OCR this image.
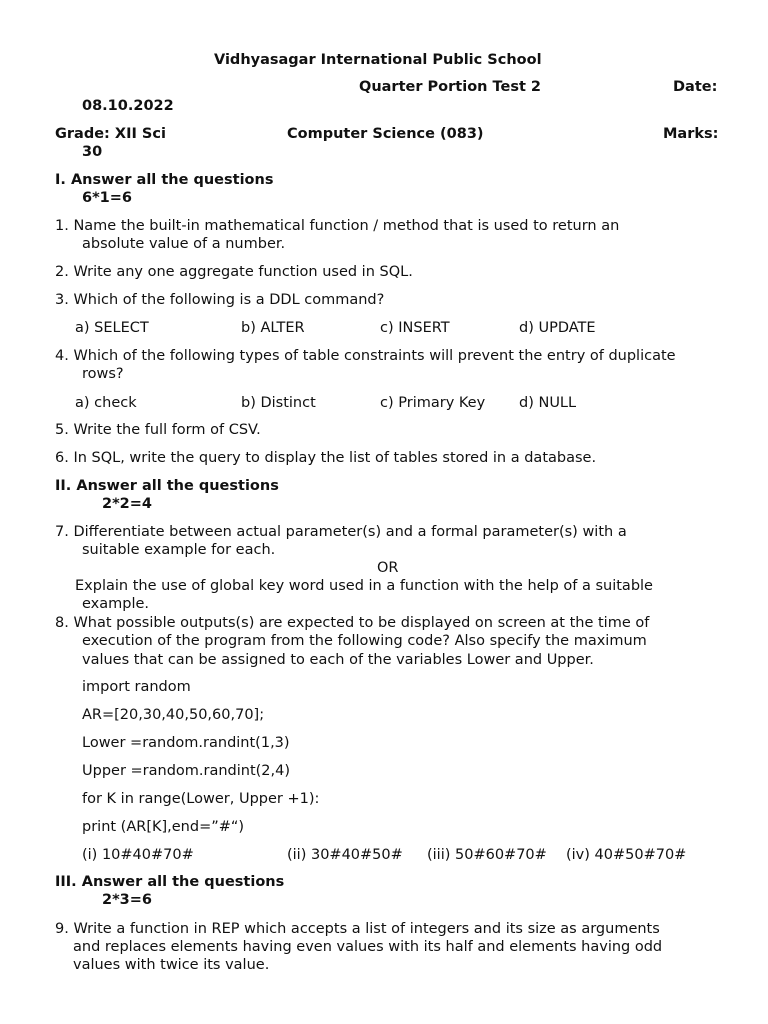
Vidhyasagar International Public School
Quarter Portion Test 2	Date:
08.10.2022
Grade: XII Sci	Computer Science (083)	Marks:
30
I. Answer all the questions
6*1=6
1. Name the built-in mathematical function / method that is used to return an
absolute value of a number.
2. Write any one aggregate function used in SQL.
3. Which of the following is a DDL command?
a) SELECT	b) ALTER	c) INSERT	d) UPDATE
4. Which of the following types of table constraints will prevent the entry of duplicate
rows?
a) check	b) Distinct	c) Primary Key d) NULL
5. Write the full form of CSV.
6. In SQL, write the query to display the list of tables stored in a database.
II. Answer all the questions
2*2=4
7. Differentiate between actual parameter(s) and a formal parameter(s) with a
suitable example for each.
OR
Explain the use of global key word used in a function with the help of a suitable
example.
8. What possible outputs(s) are expected to be displayed on screen at the time of
execution of the program from the following code? Also specify the maximum
values that can be assigned to each of the variables Lower and Upper.
import random
AR=[20,30,40,50,60,70];
Lower =random.randint(1,3)
Upper =random.randint(2,4)
for K in range(Lower, Upper +1):
print (AR[K],end=”#“)
(i) 10#40#70#	(ii) 30#40#50# (iii) 50#60#70# (iv) 40#50#70#
III. Answer all the questions
2*3=6
9. Write a function in REP which accepts a list of integers and its size as arguments
and replaces elements having even values with its half and elements having odd
values with twice its value.
